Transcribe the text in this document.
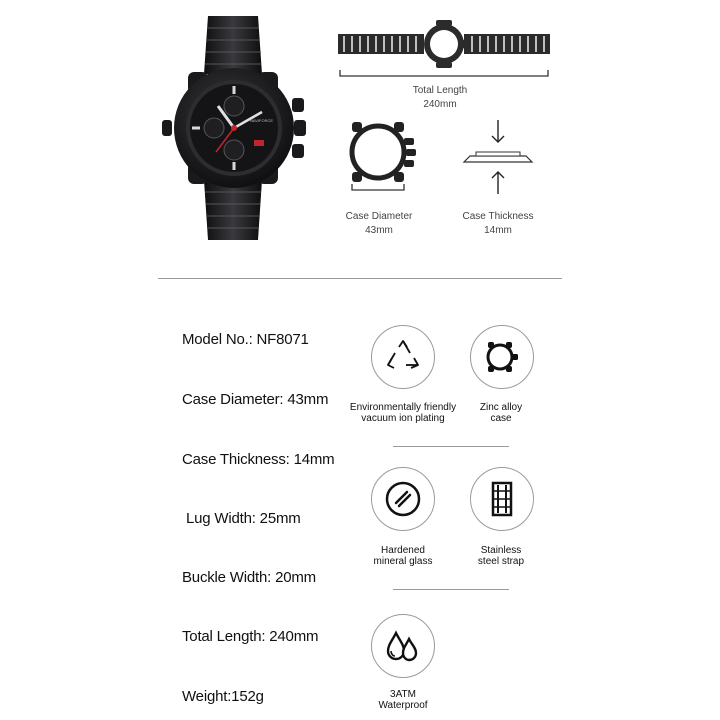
NAVIFORCE
Total Length
240mm
Case Diameter
43mm
Case Thickness
14mm
Model No.: NF8071
Case Diameter: 43mm
Case Thickness: 14mm
Lug Width: 25mm
Buckle Width: 20mm
Total Length: 240mm
Weight:152g
Environmentally friendly
vacuum ion plating
Zinc alloy
case
Hardened
mineral glass
Stainless
steel strap
3ATM
Waterproof
